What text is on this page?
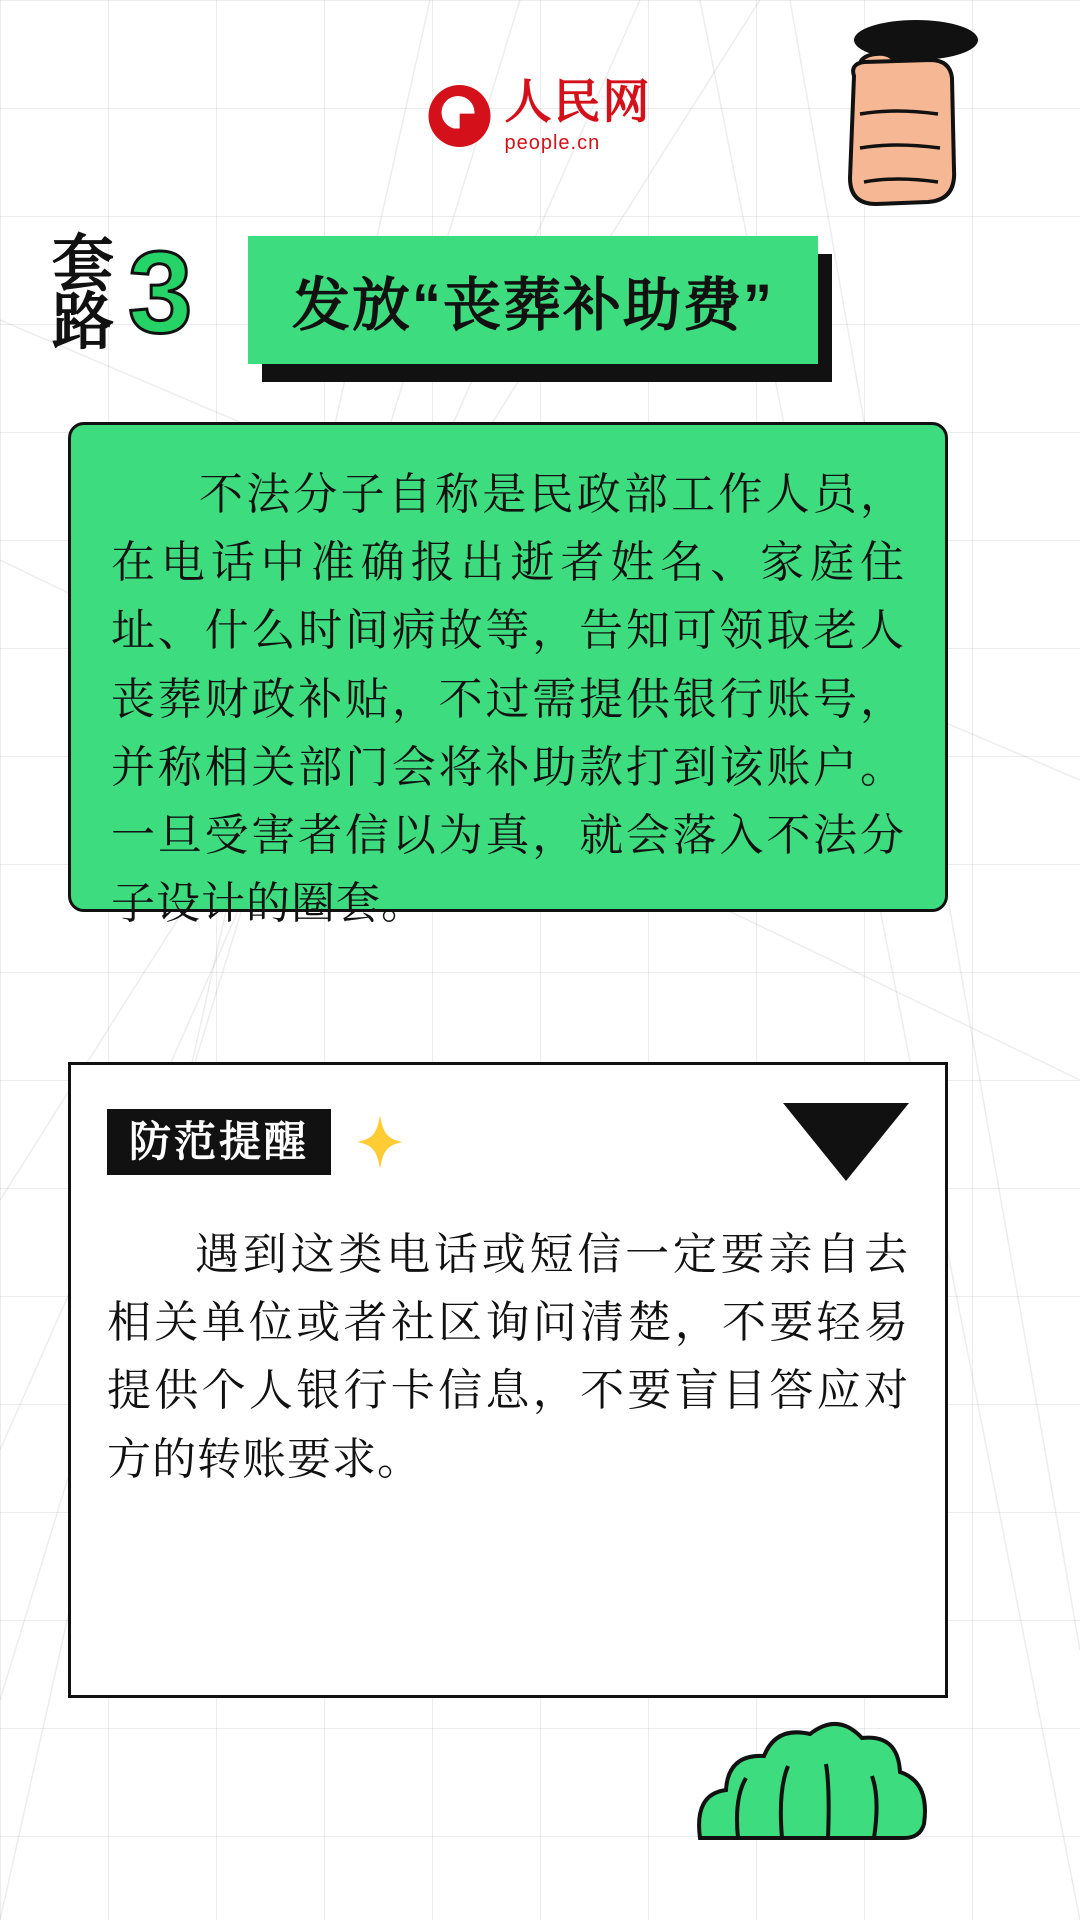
人民网
people.cn
套
路 3 发放“丧葬补助费”

不法分子自称是民政部工作人员，在电话中准确报出逝者姓名、家庭住址、什么时间病故等，告知可领取老人丧葬财政补贴，不过需提供银行账号，并称相关部门会将补助款打到该账户。一旦受害者信以为真，就会落入不法分子设计的圈套。

防范提醒

遇到这类电话或短信一定要亲自去相关单位或者社区询问清楚，不要轻易提供个人银行卡信息，不要盲目答应对方的转账要求。
